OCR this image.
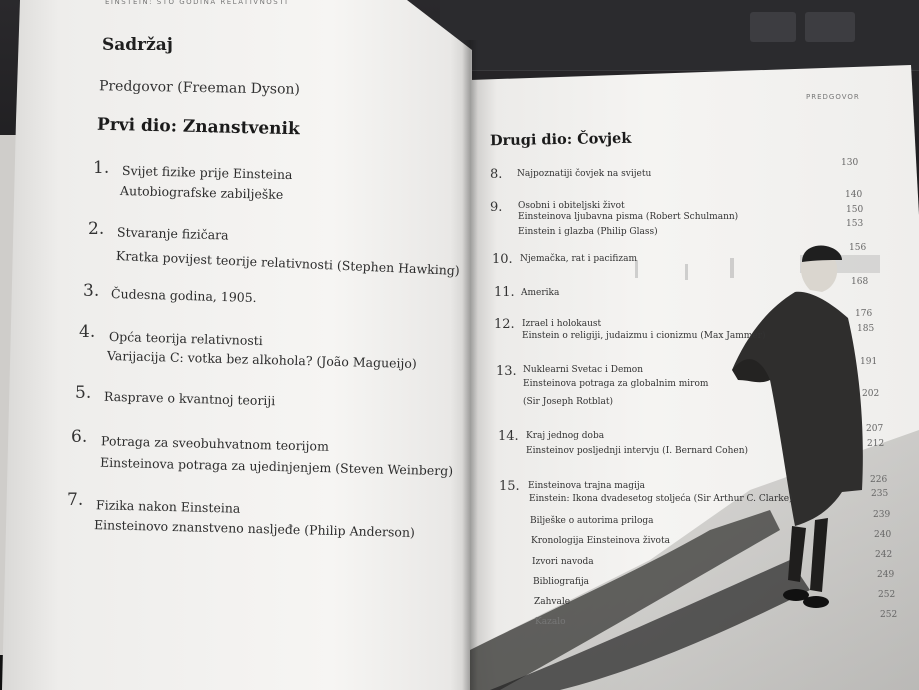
EINSTEIN: STO GODINA RELATIVNOSTI
Sadržaj
Predgovor (Freeman Dyson)
Prvi dio: Znanstvenik
1. Svijet fizike prije Einsteina
Autobiografske zabilješke
2. Stvaranje fizičara
Kratka povijest teorije relativnosti (Stephen Hawking)
3. Čudesna godina, 1905.
4. Opća teorija relativnosti
Varijacija C: votka bez alkohola? (João Magueijo)
5. Rasprave o kvantnoj teoriji
6. Potraga za sveobuhvatnom teorijom
Einsteinova potraga za ujedinjenjem (Steven Weinberg)
7. Fizika nakon Einsteina
Einsteinovo znanstveno nasljeđe (Philip Anderson)
PREDGOVOR
Drugi dio: Čovjek
8. Najpoznatiji čovjek na svijetu
130
9. Osobni i obiteljski život
Einsteinova ljubavna pisma (Robert Schulmann)
Einstein i glazba (Philip Glass)
140
150
153
10. Njemačka, rat i pacifizam
156
11. Amerika
168
12. Izrael i holokaust
Einstein o religiji, judaizmu i cionizmu (Max Jammer)
176
185
13. Nuklearni Svetac i Demon
Einsteinova potraga za globalnim mirom
(Sir Joseph Rotblat)
191
202
14. Kraj jednog doba
Einsteinov posljednji intervju (I. Bernard Cohen)
207
212
15. Einsteinova trajna magija
Einstein: Ikona dvadesetog stoljeća (Sir Arthur C. Clarke)
226
235
Bilješke o autorima priloga
239
Kronologija Einsteinova života
240
Izvori navoda
242
Bibliografija
249
Zahvale
252
Kazalo
252
